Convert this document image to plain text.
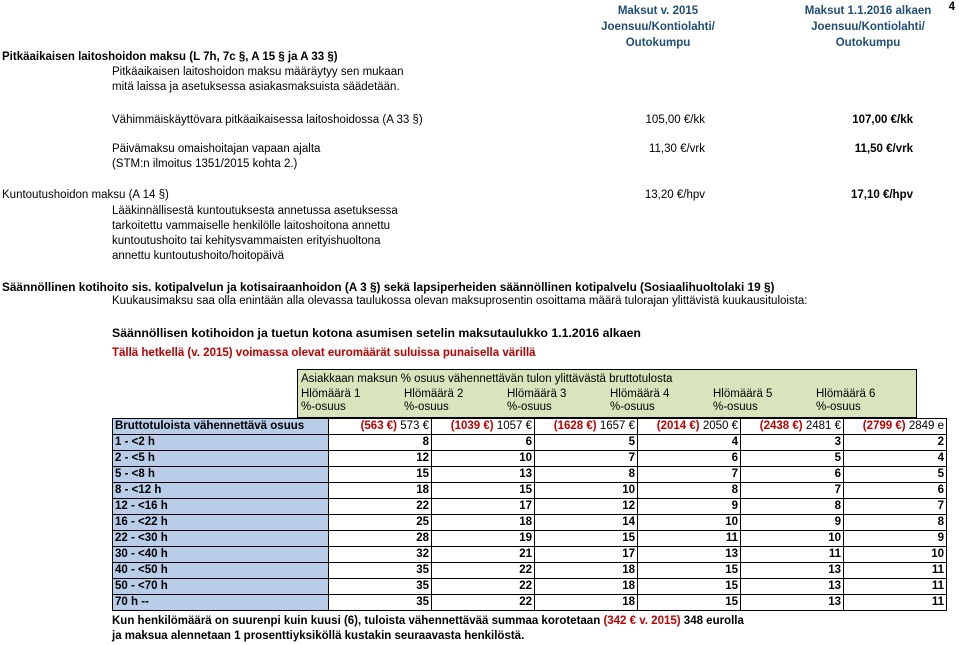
4
Maksut v. 2015
Joensuu/Kontiolahti/
Outokumpu
Maksut 1.1.2016 alkaen
Joensuu/Kontiolahti/
Outokumpu
Pitkäaikaisen laitoshoidon maksu (L 7h, 7c §, A 15 § ja A 33 §)
Pitkäaikaisen laitoshoidon maksu määräytyy sen mukaan
mitä laissa ja asetuksessa asiakasmaksuista säädetään.
Vähimmäiskäyttövara pitkäaikaisessa laitoshoidossa (A 33 §)	105,00 €/kk	107,00 €/kk
Päivämaksu omaishoitajan vapaan ajalta
(STM:n ilmoitus 1351/2015 kohta 2.)
11,30 €/vrk	11,50 €/vrk
Kuntoutushoidon maksu (A 14 §)	13,20 €/hpv	17,10 €/hpv
Lääkinnällisestä kuntoutuksesta annetussa asetuksessa
tarkoitettu vammaiselle henkilölle laitoshoitona annettu
kuntoutushoito tai kehitysvammaisten erityishuoltona
annettu kuntoutushoito/hoitopäivä
Säännöllinen kotihoito sis. kotipalvelun ja kotisairaanhoidon (A 3 §) sekä lapsiperheiden säännöllinen kotipalvelu (Sosiaalihuoltolaki 19 §)
Kuukausimaksu saa olla enintään alla olevassa taulukossa olevan maksuprosentin osoittama määrä tulorajan ylittävistä kuukausituloista:
Säännöllisen kotihoidon ja tuetun kotona asumisen setelin maksutaulukko 1.1.2016 alkaen
Tällä hetkellä (v. 2015) voimassa olevat euromäärät suluissa punaisella värillä
Asiakkaan maksun % osuus vähennettävän tulon ylittävästä bruttotulosta
Hlömäärä 1
%-osuus
Hlömäärä 2
%-osuus
Hlömäärä 3
%-osuus
Hlömäärä 4
%-osuus
Hlömäärä 5
%-osuus
Hlömäärä 6
%-osuus
Bruttotuloista vähennettävä osuus	(563 €) 573 €	(1039 €) 1057 €	(1628 €) 1657 €	(2014 €) 2050 €	(2438 €) 2481 €	(2799 €) 2849 e
1 - <2 h	8	6	5	4	3	2
2 - <5 h	12	10	7	6	5	4
5 - <8 h	15	13	8	7	6	5
8 - <12 h	18	15	10	8	7	6
12 - <16 h	22	17	12	9	8	7
16 - <22 h	25	18	14	10	9	8
22 - <30 h	28	19	15	11	10	9
30 - <40 h	32	21	17	13	11	10
40 - <50 h	35	22	18	15	13	11
50 - <70 h	35	22	18	15	13	11
70 h --	35	22	18	15	13	11
Kun henkilömäärä on suurenpi kuin kuusi (6), tuloista vähennettävää summaa korotetaan (342 € v. 2015) 348 eurolla
ja maksua alennetaan 1 prosenttiyksiköllä kustakin seuraavasta henkilöstä.
